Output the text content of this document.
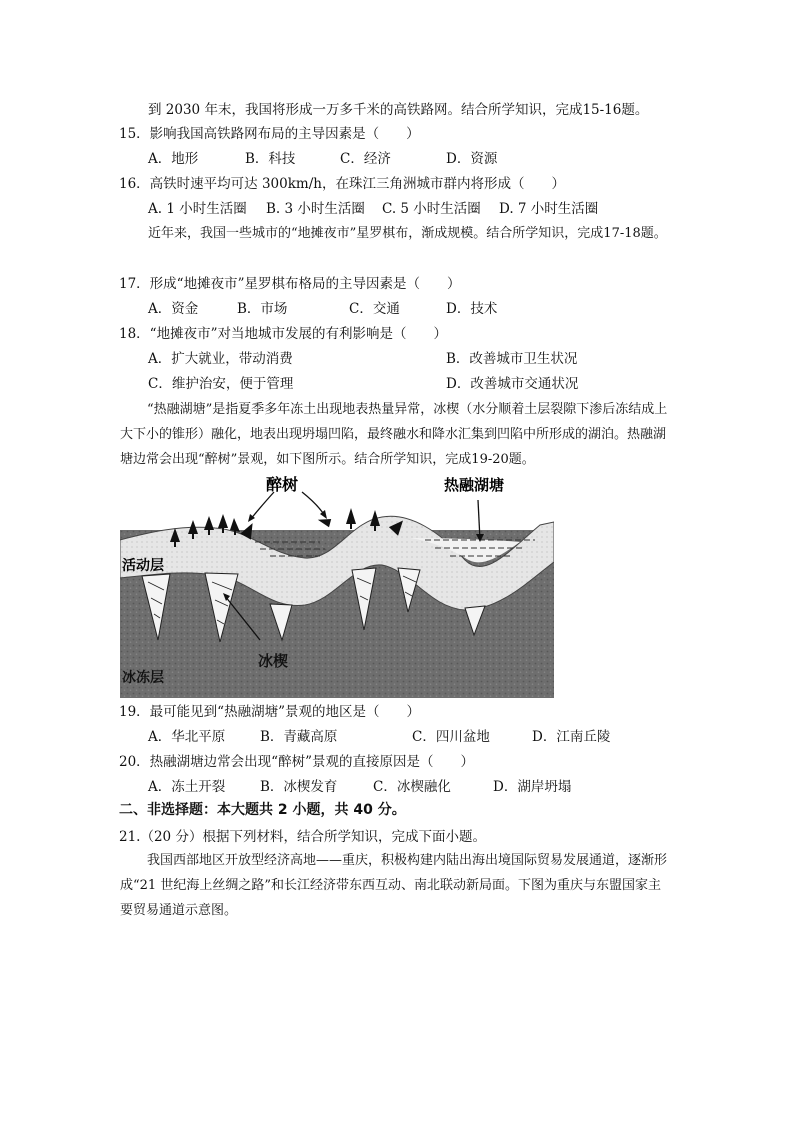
到 2030 年末，我国将形成一万多千米的高铁路网。结合所学知识，完成15-16题。
15．影响我国高铁路网布局的主导因素是（　　）
A．地形	B．科技	C．经济	D．资源
16．高铁时速平均可达 300km/h，在珠江三角洲城市群内将形成（　　）
A. 1 小时生活圈 B. 3 小时生活圈 C. 5 小时生活圈 D. 7 小时生活圈
近年来，我国一些城市的“地摊夜市”星罗棋布，渐成规模。结合所学知识，完成17-18题。
17．形成“地摊夜市”星罗棋布格局的主导因素是（　　）
A．资金	B．市场	C．交通	D．技术
18．“地摊夜市”对当地城市发展的有利影响是（　　）
A．扩大就业，带动消费	B．改善城市卫生状况
C．维护治安，便于管理	D．改善城市交通状况
“热融湖塘”是指夏季多年冻土出现地表热量异常，冰楔（水分顺着土层裂隙下渗后冻结成上大下小的锥形）融化，地表出现坍塌凹陷，最终融水和降水汇集到凹陷中所形成的湖泊。热融湖塘边常会出现“醉树”景观，如下图所示。结合所学知识，完成19-20题。
醉树	热融湖塘
活动层
冰楔
冰冻层
19．最可能见到“热融湖塘”景观的地区是（　　）
A．华北平原	B．青藏高原	C．四川盆地	D．江南丘陵
20．热融湖塘边常会出现“醉树”景观的直接原因是（　　）
A．冻土开裂	B．冰楔发育	C．冰楔融化	D．湖岸坍塌
二、非选择题：本大题共 2 小题，共 40 分。
21.（20 分）根据下列材料，结合所学知识，完成下面小题。
我国西部地区开放型经济高地——重庆，积极构建内陆出海出境国际贸易发展通道，逐渐形成“21 世纪海上丝绸之路”和长江经济带东西互动、南北联动新局面。下图为重庆与东盟国家主要贸易通道示意图。
